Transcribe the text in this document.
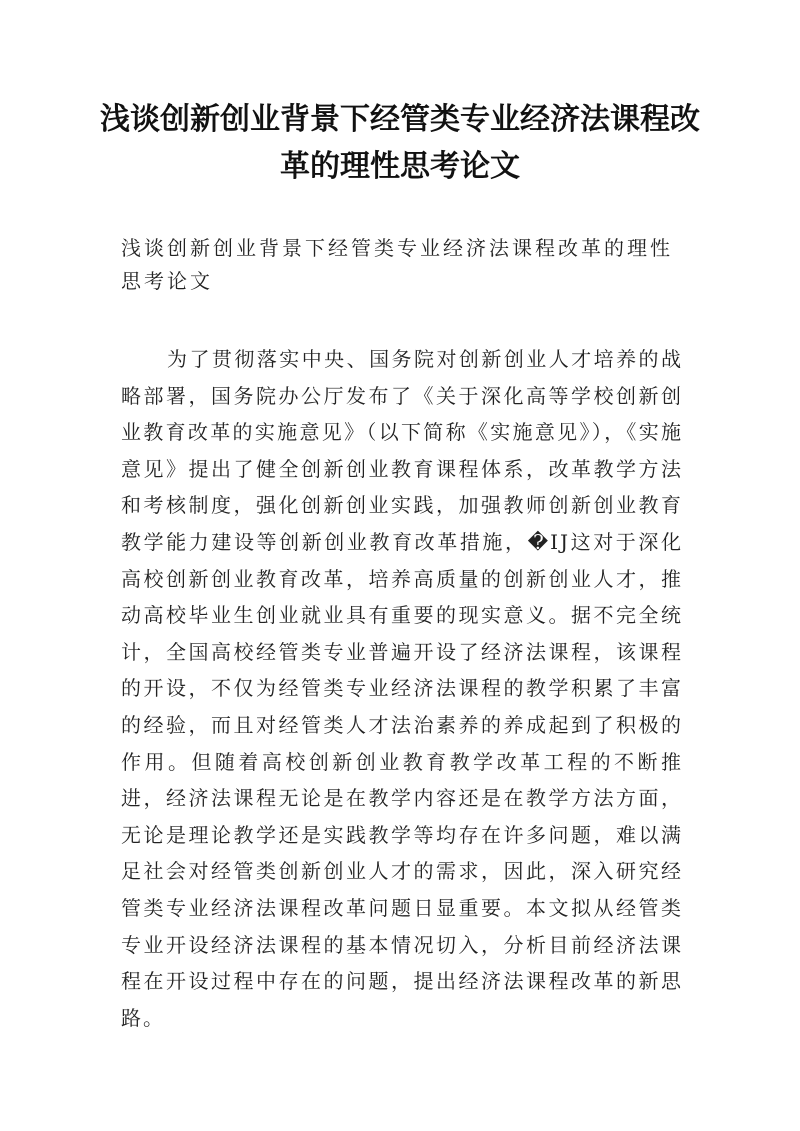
浅谈创新创业背景下经管类专业经济法课程改革的理性思考论文

浅谈创新创业背景下经管类专业经济法课程改革的理性思考论文

为了贯彻落实中央、国务院对创新创业人才培养的战略部署，国务院办公厅发布了《关于深化高等学校创新创业教育改革的实施意见》（以下简称《实施意见》），《实施意见》提出了健全创新创业教育课程体系，改革教学方法和考核制度，强化创新创业实践，加强教师创新创业教育教学能力建设等创新创业教育改革措施，�IJ这对于深化高校创新创业教育改革，培养高质量的创新创业人才，推动高校毕业生创业就业具有重要的现实意义。据不完全统计，全国高校经管类专业普遍开设了经济法课程，该课程的开设，不仅为经管类专业经济法课程的教学积累了丰富的经验，而且对经管类人才法治素养的养成起到了积极的作用。但随着高校创新创业教育教学改革工程的不断推进，经济法课程无论是在教学内容还是在教学方法方面，无论是理论教学还是实践教学等均存在许多问题，难以满足社会对经管类创新创业人才的需求，因此，深入研究经管类专业经济法课程改革问题日显重要。本文拟从经管类专业开设经济法课程的基本情况切入，分析目前经济法课程在开设过程中存在的问题，提出经济法课程改革的新思路。
